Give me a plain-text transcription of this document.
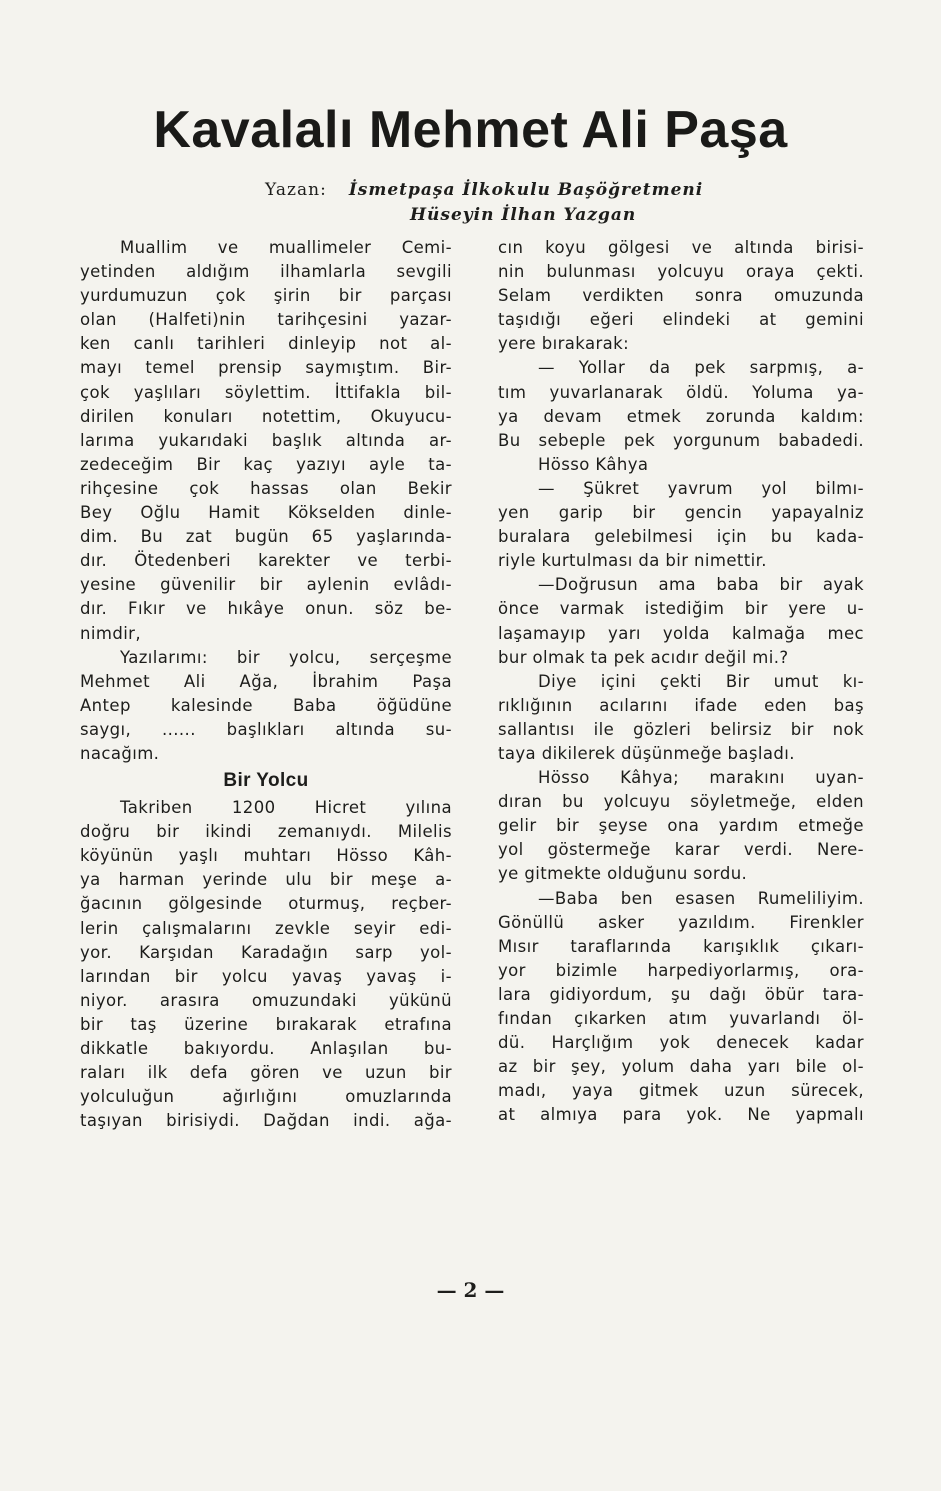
Kavalalı Mehmet Ali Paşa
Yazan: İsmetpaşa İlkokulu Başöğretmeni
Hüseyin İlhan Yazgan
Muallim ve muallimeler Cemi-
yetinden aldığım ilhamlarla sevgili
yurdumuzun çok şirin bir parçası
olan (Halfeti)nin tarihçesini yazar-
ken canlı tarihleri dinleyip not al-
mayı temel prensip saymıştım. Bir-
çok yaşlıları söylettim. İttifakla bil-
dirilen konuları notettim, Okuyucu-
larıma yukarıdaki başlık altında ar-
zedeceğim Bir kaç yazıyı ayle ta-
rihçesine çok hassas olan Bekir
Bey Oğlu Hamit Kökselden dinle-
dim. Bu zat bugün 65 yaşlarında-
dır. Ötedenberi karekter ve terbi-
yesine güvenilir bir aylenin evlâdı-
dır. Fıkır ve hıkâye onun. söz be-
nimdir,
Yazılarımı: bir yolcu, serçeşme
Mehmet Ali Ağa, İbrahim Paşa
Antep kalesinde Baba öğüdüne
saygı, ...... başlıkları altında su-
nacağım.
Bir Yolcu
Takriben 1200 Hicret yılına
doğru bir ikindi zemanıydı. Milelis
köyünün yaşlı muhtarı Hösso Kâh-
ya harman yerinde ulu bir meşe a-
ğacının gölgesinde oturmuş, reçber-
lerin çalışmalarını zevkle seyir edi-
yor. Karşıdan Karadağın sarp yol-
larından bir yolcu yavaş yavaş i-
niyor. arasıra omuzundaki yükünü
bir taş üzerine bırakarak etrafına
dikkatle bakıyordu. Anlaşılan bu-
raları ilk defa gören ve uzun bir
yolculuğun ağırlığını omuzlarında
taşıyan birisiydi. Dağdan indi. ağa-
cın koyu gölgesi ve altında birisi-
nin bulunması yolcuyu oraya çekti.
Selam verdikten sonra omuzunda
taşıdığı eğeri elindeki at gemini
yere bırakarak:
— Yollar da pek sarpmış, a-
tım yuvarlanarak öldü. Yoluma ya-
ya devam etmek zorunda kaldım:
Bu sebeple pek yorgunum babadedi.
Hösso Kâhya
— Şükret yavrum yol bilmı-
yen garip bir gencin yapayalniz
buralara gelebilmesi için bu kada-
riyle kurtulması da bir nimettir.
—Doğrusun ama baba bir ayak
önce varmak istediğim bir yere u-
laşamayıp yarı yolda kalmağa mec
bur olmak ta pek acıdır değil mi.?
Diye içini çekti Bir umut kı-
rıklığının acılarını ifade eden baş
sallantısı ile gözleri belirsiz bir nok
taya dikilerek düşünmeğe başladı.
Hösso Kâhya; marakını uyan-
dıran bu yolcuyu söyletmeğe, elden
gelir bir şeyse ona yardım etmeğe
yol göstermeğe karar verdi. Nere-
ye gitmekte olduğunu sordu.
—Baba ben esasen Rumeliliyim.
Gönüllü asker yazıldım. Firenkler
Mısır taraflarında karışıklık çıkarı-
yor bizimle harpediyorlarmış, ora-
lara gidiyordum, şu dağı öbür tara-
fından çıkarken atım yuvarlandı öl-
dü. Harçlığım yok denecek kadar
az bir şey, yolum daha yarı bile ol-
madı, yaya gitmek uzun sürecek,
at almıya para yok. Ne yapmalı
— 2 —
